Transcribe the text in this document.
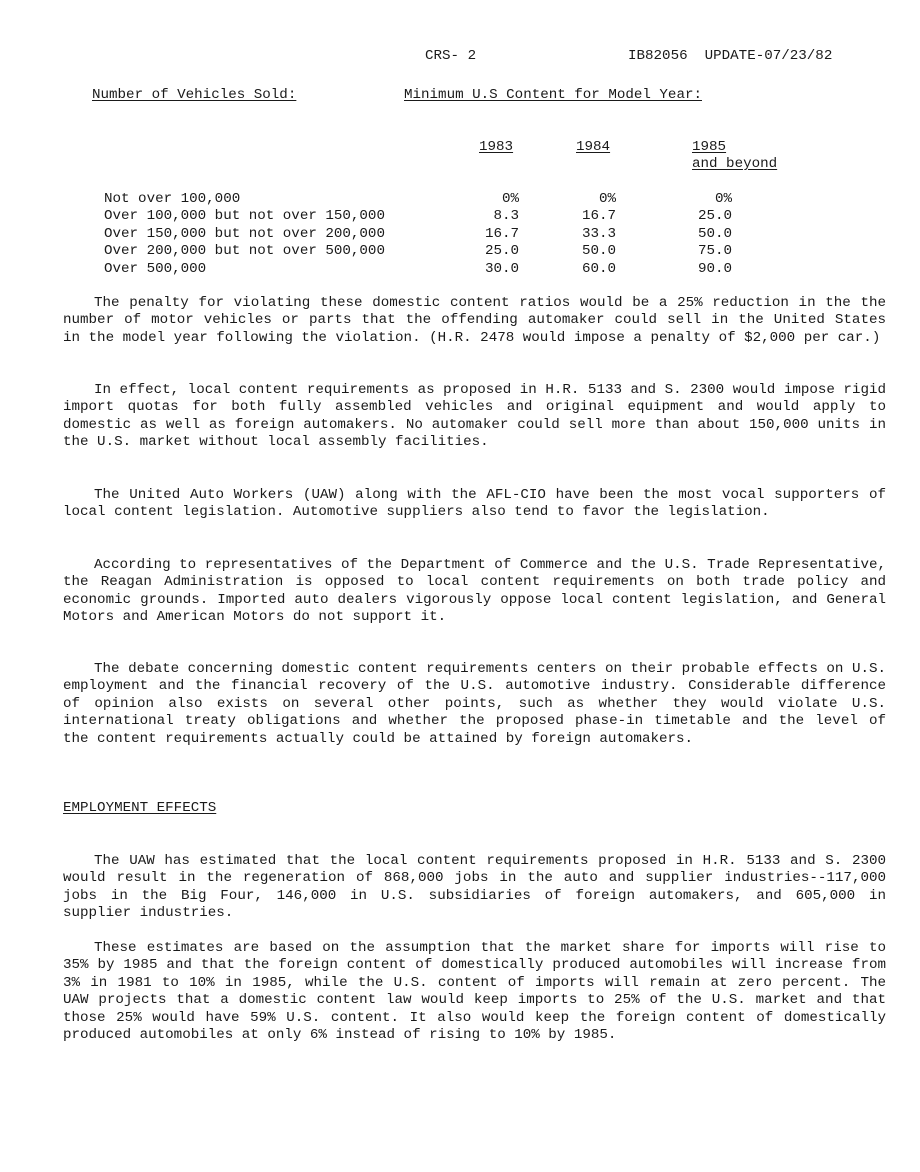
CRS- 2	IB82056  UPDATE-07/23/82
Number of Vehicles Sold:	Minimum U.S Content for Model Year:
1983	1984	1985
and beyond
Not over 100,000	0%	0%	0%
Over 100,000 but not over 150,000	8.3	16.7	25.0
Over 150,000 but not over 200,000	16.7	33.3	50.0
Over 200,000 but not over 500,000	25.0	50.0	75.0
Over 500,000	30.0	60.0	90.0

The penalty for violating these domestic content ratios would be a 25% reduction in the the number of motor vehicles or parts that the offending automaker could sell in the United States in the model year following the violation. (H.R. 2478 would impose a penalty of $2,000 per car.)

In effect, local content requirements as proposed in H.R. 5133 and S. 2300 would impose rigid import quotas for both fully assembled vehicles and original equipment and would apply to domestic as well as foreign automakers. No automaker could sell more than about 150,000 units in the U.S. market without local assembly facilities.

The United Auto Workers (UAW) along with the AFL-CIO have been the most vocal supporters of local content legislation. Automotive suppliers also tend to favor the legislation.

According to representatives of the Department of Commerce and the U.S. Trade Representative, the Reagan Administration is opposed to local content requirements on both trade policy and economic grounds. Imported auto dealers vigorously oppose local content legislation, and General Motors and American Motors do not support it.

The debate concerning domestic content requirements centers on their probable effects on U.S. employment and the financial recovery of the U.S. automotive industry. Considerable difference of opinion also exists on several other points, such as whether they would violate U.S. international treaty obligations and whether the proposed phase-in timetable and the level of the content requirements actually could be attained by foreign automakers.

EMPLOYMENT EFFECTS

The UAW has estimated that the local content requirements proposed in H.R. 5133 and S. 2300 would result in the regeneration of 868,000 jobs in the auto and supplier industries--117,000 jobs in the Big Four, 146,000 in U.S. subsidiaries of foreign automakers, and 605,000 in supplier industries.

These estimates are based on the assumption that the market share for imports will rise to 35% by 1985 and that the foreign content of domestically produced automobiles will increase from 3% in 1981 to 10% in 1985, while the U.S. content of imports will remain at zero percent. The UAW projects that a domestic content law would keep imports to 25% of the U.S. market and that those 25% would have 59% U.S. content. It also would keep the foreign content of domestically produced automobiles at only 6% instead of rising to 10% by 1985.
